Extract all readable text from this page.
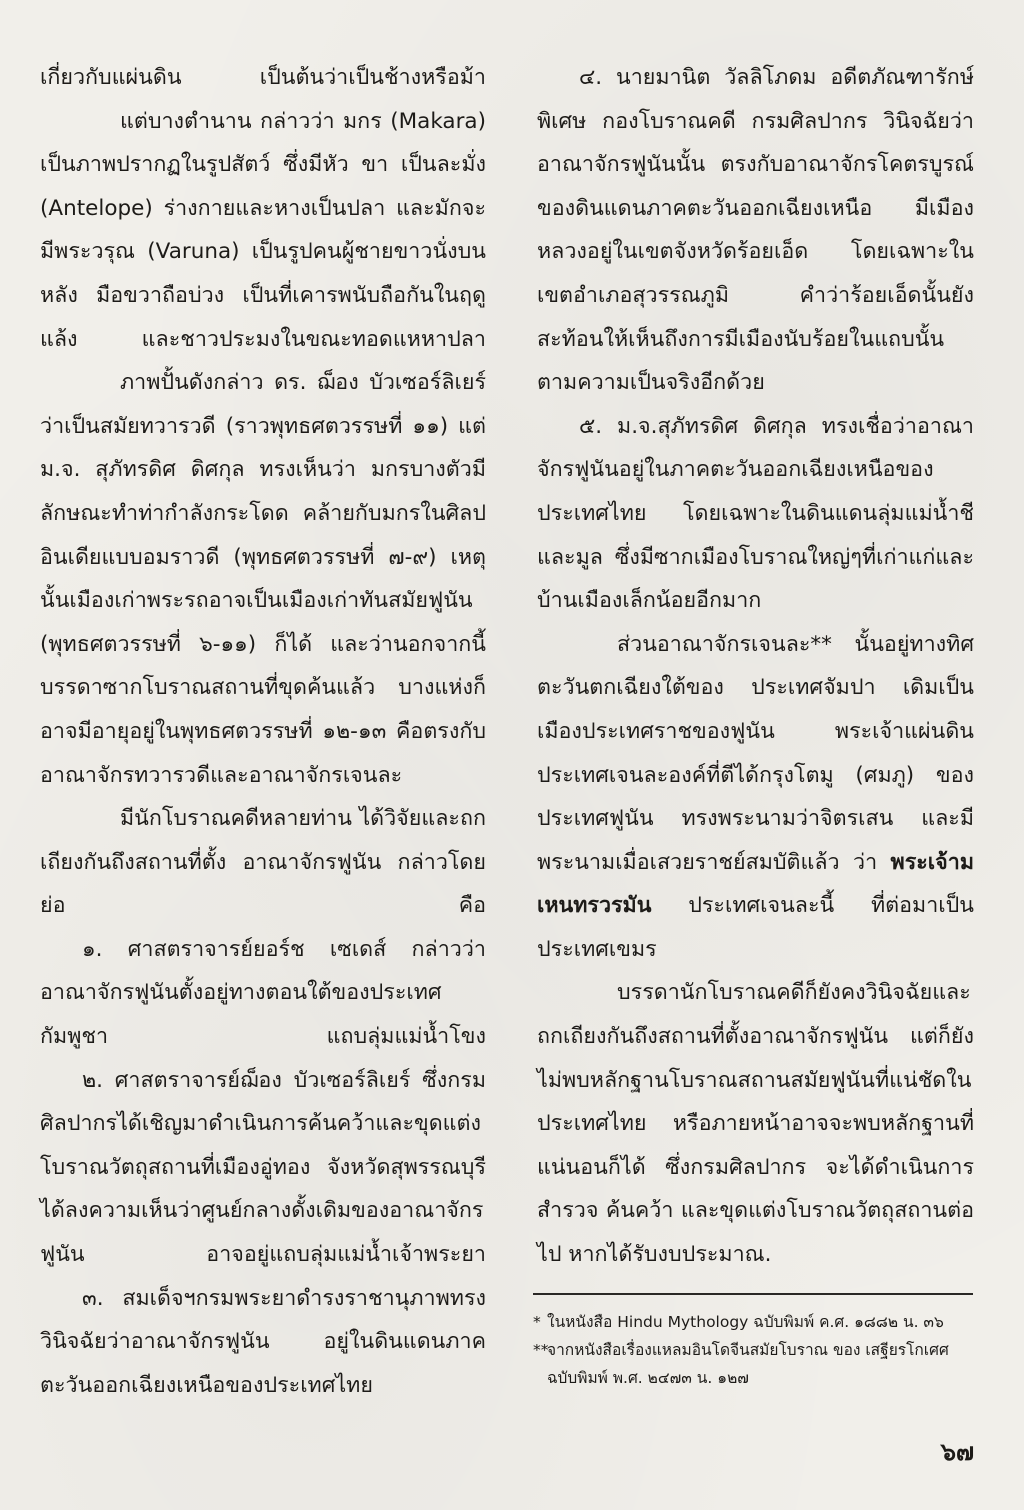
เกี่ยวกับแผ่นดิน เป็นต้นว่าเป็นช้างหรือม้า

แต่บางตำนาน กล่าวว่า มกร (Makara) เป็นภาพปรากฏในรูปสัตว์ ซึ่งมีหัว ขา เป็นละมั่ง (Antelope) ร่างกายและหางเป็นปลา และมักจะมีพระวรุณ (Varuna) เป็นรูปคนผู้ชายขาวนั่งบนหลัง มือขวาถือบ่วง เป็นที่เคารพนับถือกันในฤดูแล้ง และชาวประมงในขณะทอดแหหาปลา

ภาพปั้นดังกล่าว ดร. ฌ็อง บัวเซอร์ลิเยร์ ว่าเป็นสมัยทวารวดี (ราวพุทธศตวรรษที่ ๑๑) แต่ ม.จ. สุภัทรดิศ ดิศกุล ทรงเห็นว่า มกรบางตัวมีลักษณะทำท่ากำลังกระโดด คล้ายกับมกรในศิลปอินเดียแบบอมราวดี (พุทธศตวรรษที่ ๗-๙) เหตุนั้นเมืองเก่าพระรถอาจเป็นเมืองเก่าทันสมัยฟูนัน (พุทธศตวรรษที่ ๖-๑๑) ก็ได้ และว่านอกจากนี้บรรดาซากโบราณสถานที่ขุดค้นแล้ว บางแห่งก็อาจมีอายุอยู่ในพุทธศตวรรษที่ ๑๒-๑๓ คือตรงกับอาณาจักรทวารวดีและอาณาจักรเจนละ

มีนักโบราณคดีหลายท่าน ได้วิจัยและถกเถียงกันถึงสถานที่ตั้ง อาณาจักรฟูนัน กล่าวโดยย่อ คือ

๑. ศาสตราจารย์ยอร์ช เซเดส์ กล่าวว่า อาณาจักรฟูนันตั้งอยู่ทางตอนใต้ของประเทศกัมพูชา แถบลุ่มแม่น้ำโขง

๒. ศาสตราจารย์ฌ็อง บัวเซอร์ลิเยร์ ซึ่งกรมศิลปากรได้เชิญมาดำเนินการค้นคว้าและขุดแต่งโบราณวัตถุสถานที่เมืองอู่ทอง จังหวัดสุพรรณบุรี ได้ลงความเห็นว่าศูนย์กลางดั้งเดิมของอาณาจักรฟูนัน อาจอยู่แถบลุ่มแม่น้ำเจ้าพระยา

๓. สมเด็จฯกรมพระยาดำรงราชานุภาพทรงวินิจฉัยว่าอาณาจักรฟูนัน อยู่ในดินแดนภาคตะวันออกเฉียงเหนือของประเทศไทย

๔. นายมานิต วัลลิโภดม อดีตภัณฑารักษ์พิเศษ กองโบราณคดี กรมศิลปากร วินิจฉัยว่า อาณาจักรฟูนันนั้น ตรงกับอาณาจักรโคตรบูรณ์ของดินแดนภาคตะวันออกเฉียงเหนือ มีเมืองหลวงอยู่ในเขตจังหวัดร้อยเอ็ด โดยเฉพาะในเขตอำเภอสุวรรณภูมิ คำว่าร้อยเอ็ดนั้นยังสะท้อนให้เห็นถึงการมีเมืองนับร้อยในแถบนั้นตามความเป็นจริงอีกด้วย

๕. ม.จ.สุภัทรดิศ ดิศกุล ทรงเชื่อว่าอาณาจักรฟูนันอยู่ในภาคตะวันออกเฉียงเหนือของประเทศไทย โดยเฉพาะในดินแดนลุ่มแม่น้ำชีและมูล ซึ่งมีซากเมืองโบราณใหญ่ๆที่เก่าแก่และบ้านเมืองเล็กน้อยอีกมาก

ส่วนอาณาจักรเจนละ** นั้นอยู่ทางทิศตะวันตกเฉียงใต้ของ ประเทศจัมปา เดิมเป็นเมืองประเทศราชของฟูนัน พระเจ้าแผ่นดินประเทศเจนละองค์ที่ตีได้กรุงโตมู (ศมภู) ของประเทศฟูนัน ทรงพระนามว่าจิตรเสน และมีพระนามเมื่อเสวยราชย์สมบัติแล้ว ว่า พระเจ้ามเหนทรวรมัน ประเทศเจนละนี้ ที่ต่อมาเป็นประเทศเขมร

บรรดานักโบราณคดีก็ยังคงวินิจฉัยและถกเถียงกันถึงสถานที่ตั้งอาณาจักรฟูนัน แต่ก็ยังไม่พบหลักฐานโบราณสถานสมัยฟูนันที่แน่ชัดในประเทศไทย หรือภายหน้าอาจจะพบหลักฐานที่แน่นอนก็ได้ ซึ่งกรมศิลปากร จะได้ดำเนินการสำรวจ ค้นคว้า และขุดแต่งโบราณวัตถุสถานต่อไป หากได้รับงบประมาณ.

* ในหนังสือ Hindu Mythology ฉบับพิมพ์ ค.ศ. ๑๘๘๒ น. ๓๖

**จากหนังสือเรื่องแหลมอินโดจีนสมัยโบราณ ของ เสฐียรโกเศศ

ฉบับพิมพ์ พ.ศ. ๒๔๗๓ น. ๑๒๗

๖๗
